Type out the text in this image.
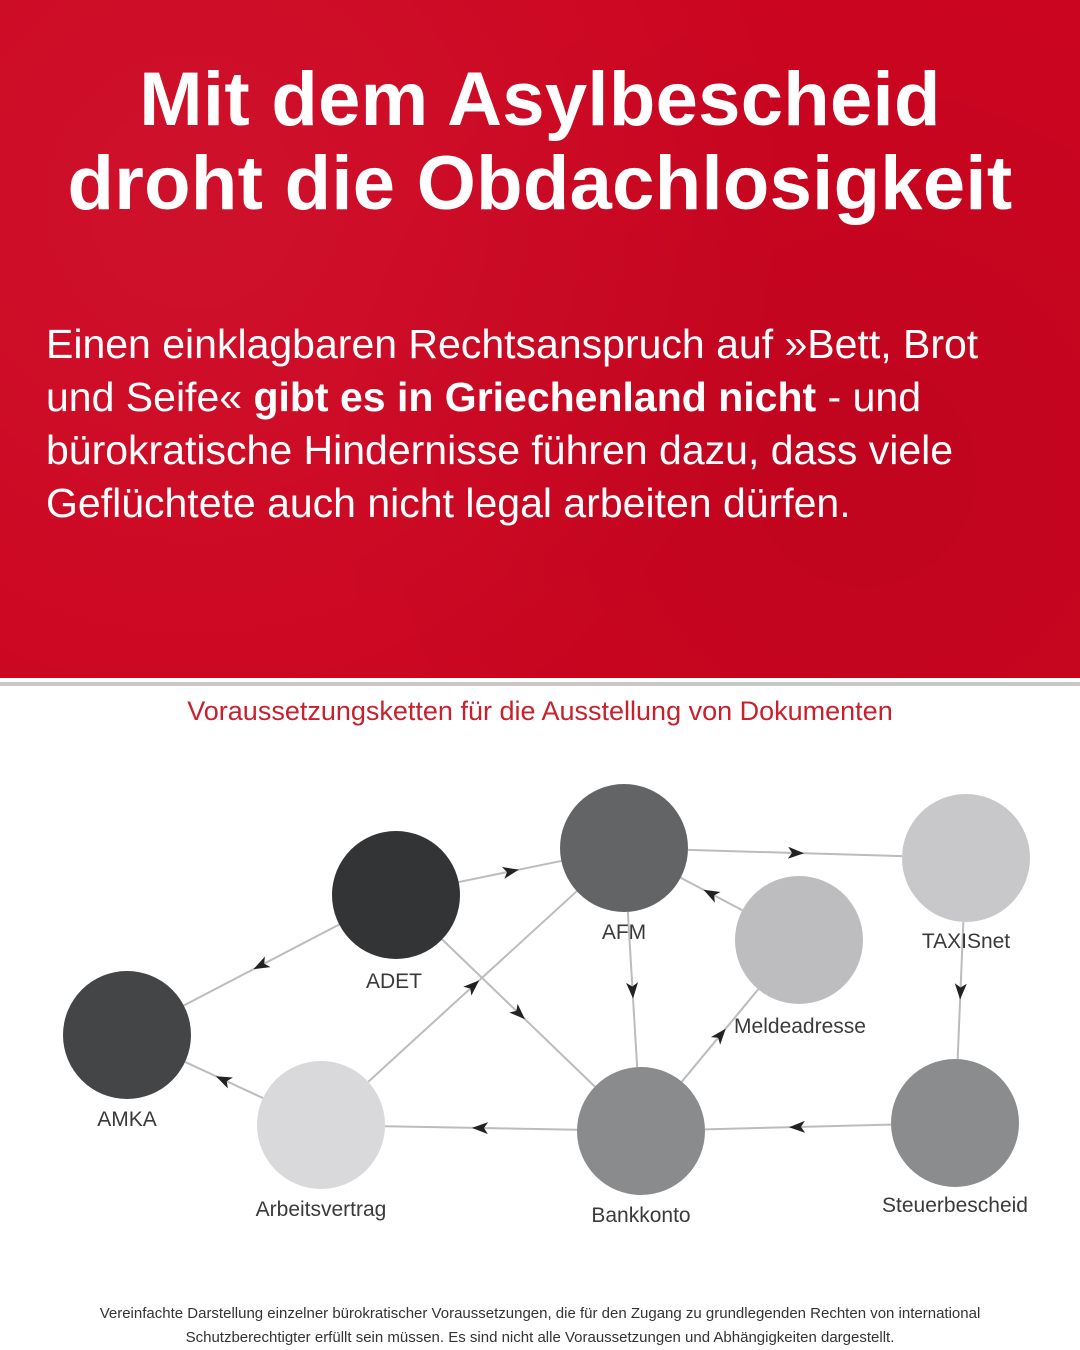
Mit dem Asylbescheid
droht die Obdachlosigkeit

Einen einklagbaren Rechtsanspruch auf »Bett, Brot und Seife« gibt es in Griechenland nicht - und bürokratische Hindernisse führen dazu, dass viele Geflüchtete auch nicht legal arbeiten dürfen.

Voraussetzungsketten für die Ausstellung von Dokumenten
ADET
AFM	TAXISnet
Meldeadresse
AMKA
Arbeitsvertrag	Bankkonto	Steuerbescheid
Vereinfachte Darstellung einzelner bürokratischer Voraussetzungen, die für den Zugang zu grundlegenden Rechten von international
Schutzberechtigter erfüllt sein müssen. Es sind nicht alle Voraussetzungen und Abhängigkeiten dargestellt.
